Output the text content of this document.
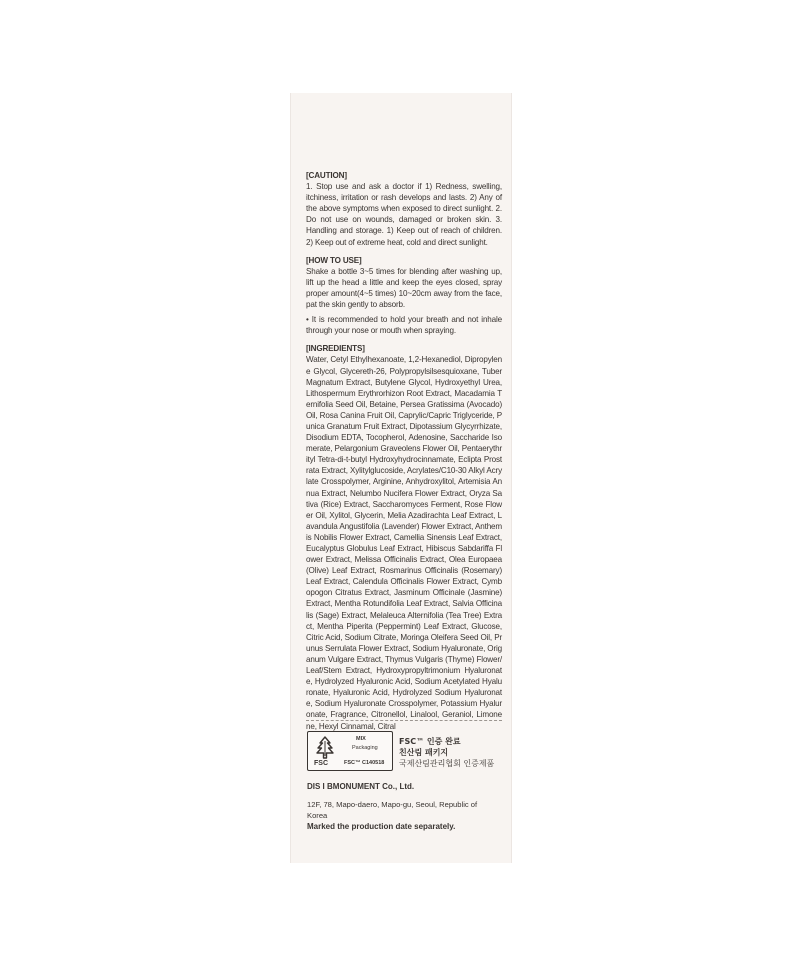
[CAUTION]

1. Stop use and ask a doctor if 1) Redness, swelling, itchiness, irritation or rash develops and lasts. 2) Any of the above symptoms when exposed to direct sunlight. 2. Do not use on wounds, damaged or broken skin. 3. Handling and storage. 1) Keep out of reach of children. 2) Keep out of extreme heat, cold and direct sunlight.

[HOW TO USE]

Shake a bottle 3~5 times for blending after washing up, lift up the head a little and keep the eyes closed, spray proper amount(4~5 times) 10~20cm away from the face, pat the skin gently to absorb.

• It is recommended to hold your breath and not inhale through your nose or mouth when spraying.

[INGREDIENTS]

Water, Cetyl Ethylhexanoate, 1,2-Hexanediol, Dipropylene Glycol, Glycereth-26, Polypropylsilsesquioxane, Tuber Magnatum Extract, Butylene Glycol, Hydroxyethyl Urea, Lithospermum Erythrorhizon Root Extract, Macadamia Ternifolia Seed Oil, Betaine, Persea Gratissima (Avocado) Oil, Rosa Canina Fruit Oil, Caprylic/Capric Triglyceride, Punica Granatum Fruit Extract, Dipotassium Glycyrrhizate, Disodium EDTA, Tocopherol, Adenosine, Saccharide Isomerate, Pelargonium Graveolens Flower Oil, Pentaerythrityl Tetra-di-t-butyl Hydroxyhydrocinnamate, Eclipta Prostrata Extract, Xylitylglucoside, Acrylates/C10-30 Alkyl Acrylate Crosspolymer, Arginine, Anhydroxylitol, Artemisia Annua Extract, Nelumbo Nucifera Flower Extract, Oryza Sativa (Rice) Extract, Saccharomyces Ferment, Rose Flower Oil, Xylitol, Glycerin, Melia Azadirachta Leaf Extract, Lavandula Angustifolia (Lavender) Flower Extract, Anthemis Nobilis Flower Extract, Camellia Sinensis Leaf Extract, Eucalyptus Globulus Leaf Extract, Hibiscus Sabdariffa Flower Extract, Melissa Officinalis Extract, Olea Europaea (Olive) Leaf Extract, Rosmarinus Officinalis (Rosemary) Leaf Extract, Calendula Officinalis Flower Extract, Cymbopogon Citratus Extract, Jasminum Officinale (Jasmine) Extract, Mentha Rotundifolia Leaf Extract, Salvia Officinalis (Sage) Extract, Melaleuca Alternifolia (Tea Tree) Extract, Mentha Piperita (Peppermint) Leaf Extract, Glucose, Citric Acid, Sodium Citrate, Moringa Oleifera Seed Oil, Prunus Serrulata Flower Extract, Sodium Hyaluronate, Origanum Vulgare Extract, Thymus Vulgaris (Thyme) Flower/Leaf/Stem Extract, Hydroxypropyltrimonium Hyaluronate, Hydrolyzed Hyaluronic Acid, Sodium Acetylated Hyaluronate, Hyaluronic Acid, Hydrolyzed Sodium Hyaluronate, Sodium Hyaluronate Crosspolymer, Potassium Hyaluronate, Fragrance, Citronellol, Linalool, Geraniol, Limonene, Hexyl Cinnamal, Citral

FSC
MIX
Packaging
FSC™ C140518
FSC™ 인증 완료
친산림 패키지
국제산림관리협회 인증제품
DIS I BMONUMENT Co., Ltd.
12F, 78, Mapo-daero, Mapo-gu, Seoul, Republic of Korea
Marked the production date separately.
